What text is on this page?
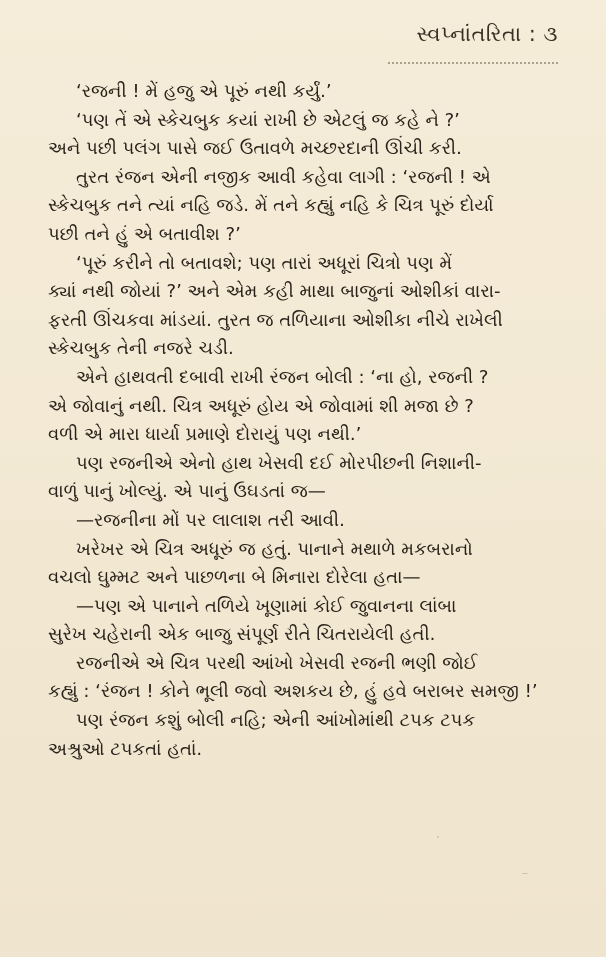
સ્વપ્નાંતરિતા : ૩
‘રજની ! મેં હજુ એ પૂરું નથી કર્યું.’
‘પણ તેં એ સ્કેચબુક કયાં રાખી છે એટલું જ કહે ને ?’
અને પછી પલંગ પાસે જઈ ઉતાવળે મચ્છરદાની ઊંચી કરી.
તુરત રંજન એની નજીક આવી કહેવા લાગી : ‘રજની ! એ
સ્કેચબુક તને ત્યાં નહિ જડે. મેં તને કહ્યું નહિ કે ચિત્ર પૂરું દોર્યા
પછી તને હું એ બતાવીશ ?’
‘પૂરું કરીને તો બતાવશે; પણ તારાં અધૂરાં ચિત્રો પણ મેં
ક્યાં નથી જોયાં ?’ અને એમ કહી માથા બાજુનાં ઓશીકાં વારા-
ફરતી ઊંચકવા માંડયાં. તુરત જ તળિયાના ઓશીકા નીચે રાખેલી
સ્કેચબુક તેની નજરે ચડી.
એને હાથવતી દબાવી રાખી રંજન બોલી : ‘ના હો, રજની ?
એ જોવાનું નથી. ચિત્ર અધૂરું હોય એ જોવામાં શી મજા છે ?
વળી એ મારા ધાર્યા પ્રમાણે દોરાયું પણ નથી.’
પણ રજનીએ એનો હાથ ખેસવી દઈ મોરપીછની નિશાની-
વાળું પાનું ખોલ્યું. એ પાનું ઉઘડતાં જ—
—રજનીના મોં પર લાલાશ તરી આવી.
ખરેખર એ ચિત્ર અધૂરું જ હતું. પાનાને મથાળે મકબરાનો
વચલો ઘુમ્મટ અને પાછળના બે મિનારા દોરેલા હતા—
—પણ એ પાનાને તળિયે ખૂણામાં કોઈ જુવાનના લાંબા
સુરેખ ચહેરાની એક બાજુ સંપૂર્ણ રીતે ચિતરાયેલી હતી.
રજનીએ એ ચિત્ર પરથી આંખો ખેસવી રજની ભણી જોઈ
કહ્યું : ‘રંજન ! કોને ભૂલી જવો અશકય છે, હું હવે બરાબર સમજી !’
પણ રંજન કશું બોલી નહિ; એની આંખોમાંથી ટપક ટપક
અશ્રુઓ ટપકતાં હતાં.
